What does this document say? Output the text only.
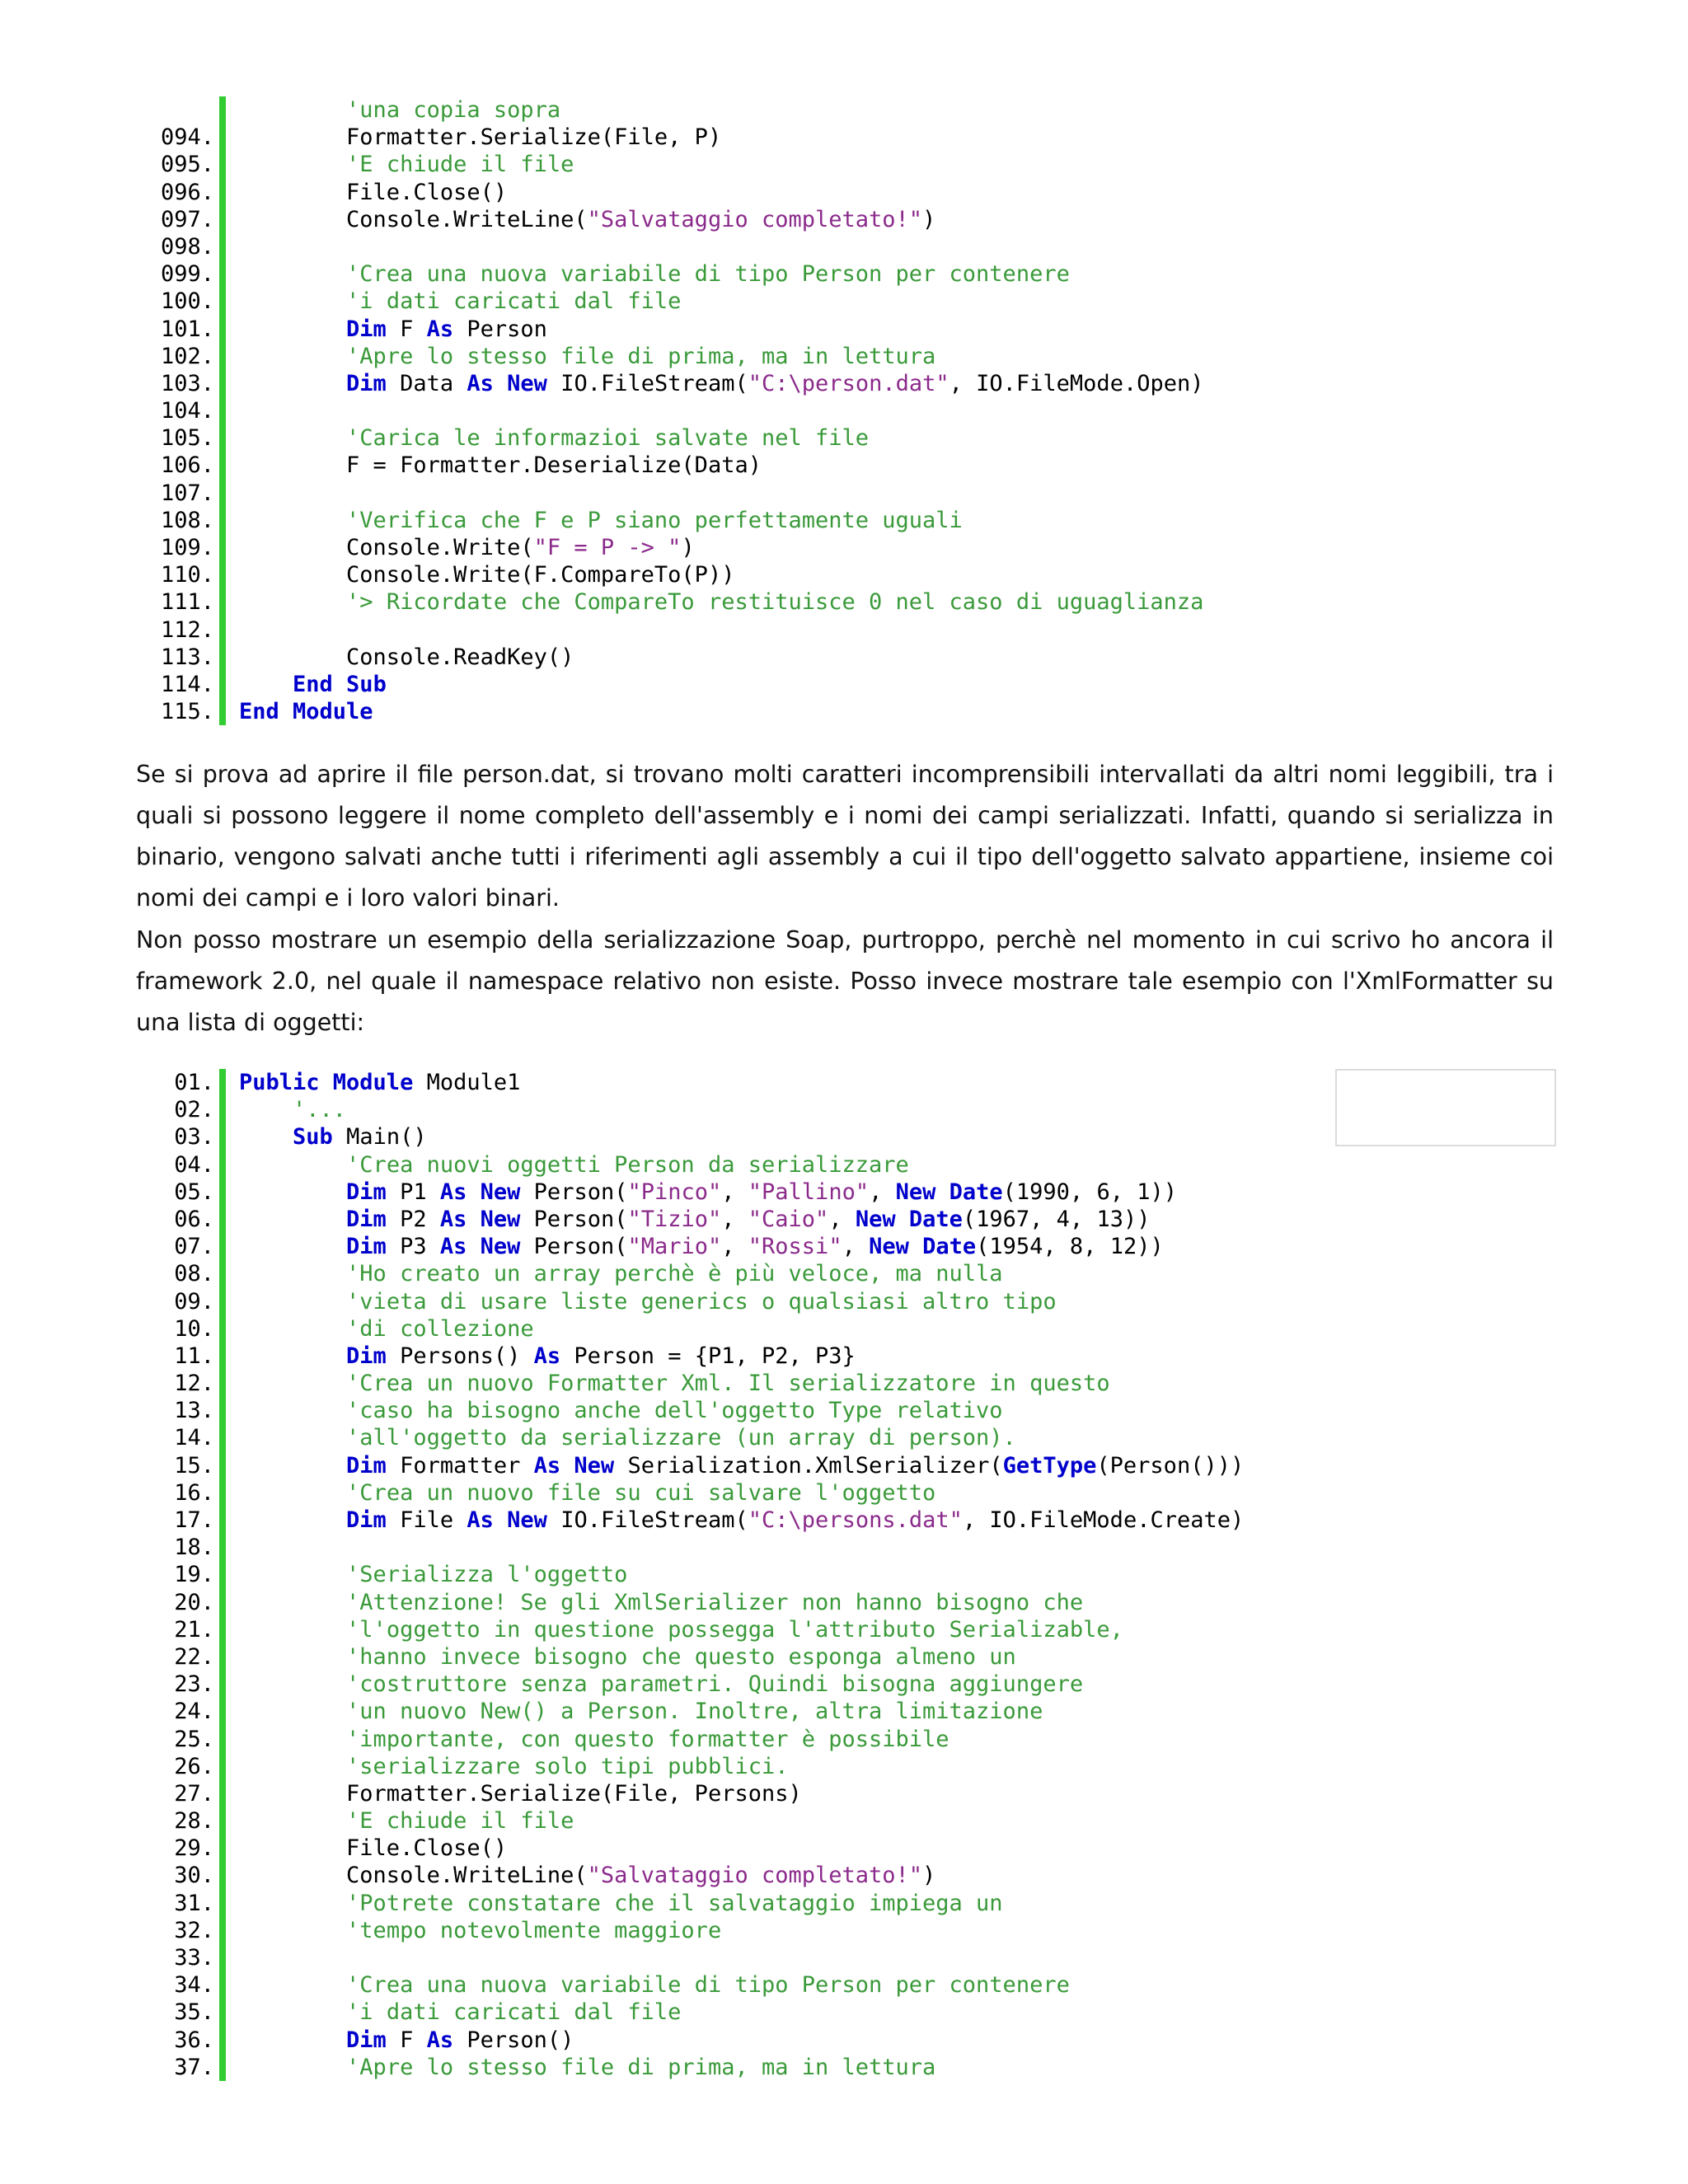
'una copia sopra
094. Formatter.Serialize(File, P)
095.	'E chiude il file
096. File.Close()
097. Console.WriteLine("Salvataggio completato!")
098.
099.	'Crea una nuova variabile di tipo Person per contenere
100.	'i dati caricati dal file
101.	Dim F As Person
102.	'Apre lo stesso file di prima, ma in lettura
103.	Dim Data As New IO.FileStream("C:\person.dat", IO.FileMode.Open)
104.
105.	'Carica le informazioi salvate nel file
106. F = Formatter.Deserialize(Data)
107.
108.	'Verifica che F e P siano perfettamente uguali
109. Console.Write("F = P -> ")
110. Console.Write(F.CompareTo(P))
111.	'> Ricordate che CompareTo restituisce 0 nel caso di uguaglianza
112.
113. Console.ReadKey()
114.	End Sub
115. End Module

Se si prova ad aprire il file person.dat, si trovano molti caratteri incomprensibili intervallati da altri nomi leggibili, tra i quali si possono leggere il nome completo dell'assembly e i nomi dei campi serializzati. Infatti, quando si serializza in binario, vengono salvati anche tutti i riferimenti agli assembly a cui il tipo dell'oggetto salvato appartiene, insieme coi nomi dei campi e i loro valori binari.

Non posso mostrare un esempio della serializzazione Soap, purtroppo, perchè nel momento in cui scrivo ho ancora il framework 2.0, nel quale il namespace relativo non esiste. Posso invece mostrare tale esempio con l'XmlFormatter su una lista di oggetti:

01. Public Module Module1
02.	'...
03.	Sub Main()
04.	'Crea nuovi oggetti Person da serializzare
05.	Dim P1 As New Person("Pinco", "Pallino", New Date(1990, 6, 1))
06.	Dim P2 As New Person("Tizio", "Caio", New Date(1967, 4, 13))
07.	Dim P3 As New Person("Mario", "Rossi", New Date(1954, 8, 12))
08.	'Ho creato un array perchè è più veloce, ma nulla
09.	'vieta di usare liste generics o qualsiasi altro tipo
10.	'di collezione
11.	Dim Persons() As Person = {P1, P2, P3}
12.	'Crea un nuovo Formatter Xml. Il serializzatore in questo
13.	'caso ha bisogno anche dell'oggetto Type relativo
14.	'all'oggetto da serializzare (un array di person).
15.	Dim Formatter As New Serialization.XmlSerializer(GetType(Person()))
16.	'Crea un nuovo file su cui salvare l'oggetto
17.	Dim File As New IO.FileStream("C:\persons.dat", IO.FileMode.Create)
18.
19.	'Serializza l'oggetto
20.	'Attenzione! Se gli XmlSerializer non hanno bisogno che
21.	'l'oggetto in questione possegga l'attributo Serializable,
22.	'hanno invece bisogno che questo esponga almeno un
23.	'costruttore senza parametri. Quindi bisogna aggiungere
24.	'un nuovo New() a Person. Inoltre, altra limitazione
25.	'importante, con questo formatter è possibile
26.	'serializzare solo tipi pubblici.
27. Formatter.Serialize(File, Persons)
28.	'E chiude il file
29. File.Close()
30. Console.WriteLine("Salvataggio completato!")
31.	'Potrete constatare che il salvataggio impiega un
32.	'tempo notevolmente maggiore
33.
34.	'Crea una nuova variabile di tipo Person per contenere
35.	'i dati caricati dal file
36.	Dim F As Person()
37.	'Apre lo stesso file di prima, ma in lettura
